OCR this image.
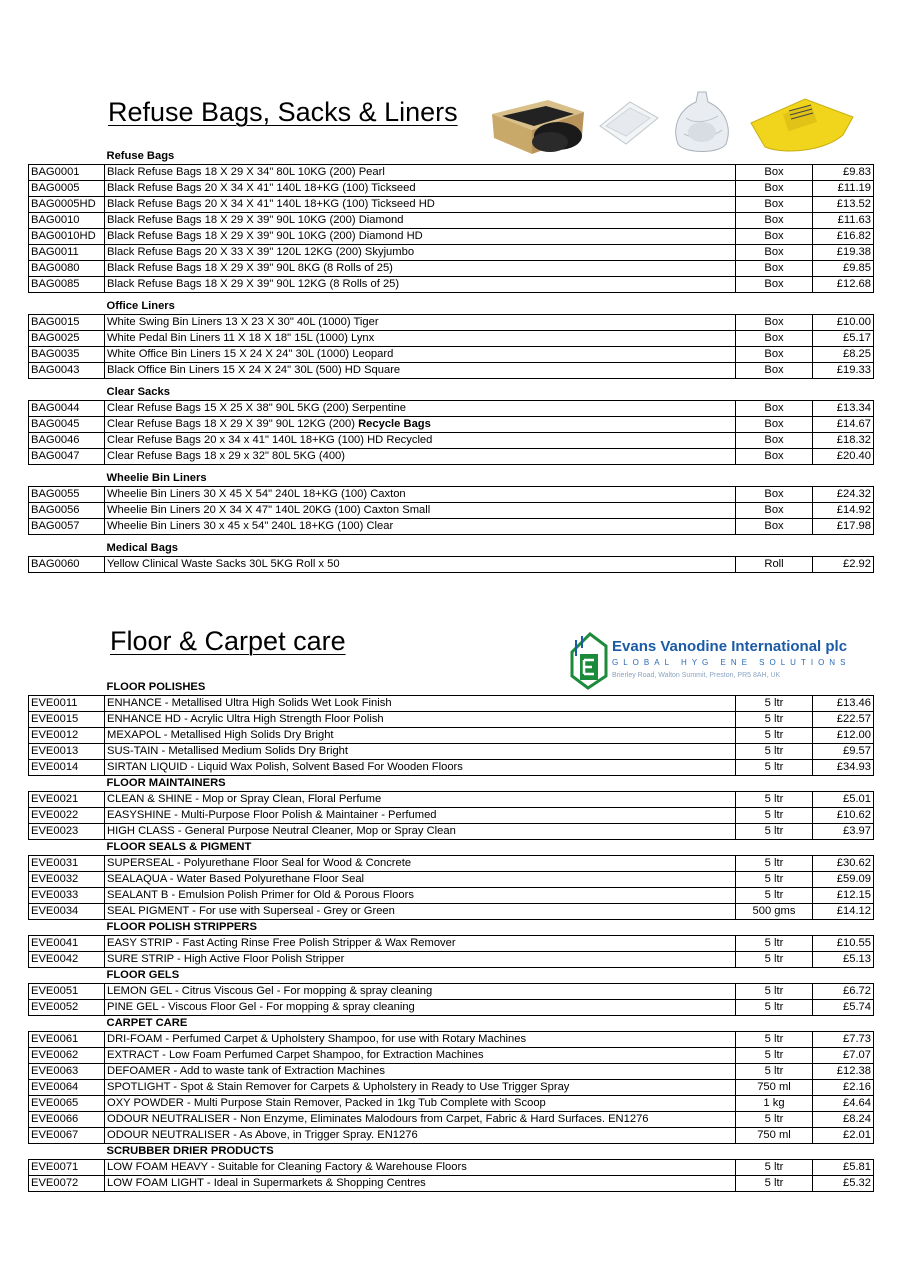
Refuse Bags, Sacks & Liners
	Refuse Bags		
BAG0001	Black Refuse Bags 18 X 29 X 34" 80L 10KG (200) Pearl	Box	£9.83
BAG0005	Black Refuse Bags 20 X 34 X 41" 140L 18+KG (100) Tickseed	Box	£11.19
BAG0005HD	Black Refuse Bags 20 X 34 X 41" 140L 18+KG (100) Tickseed HD	Box	£13.52
BAG0010	Black Refuse Bags 18 X 29 X 39" 90L 10KG (200) Diamond	Box	£11.63
BAG0010HD	Black Refuse Bags 18 X 29 X 39" 90L 10KG (200) Diamond HD	Box	£16.82
BAG0011	Black Refuse Bags 20 X 33 X 39" 120L 12KG (200) Skyjumbo	Box	£19.38
BAG0080	Black Refuse Bags 18 X 29 X 39" 90L 8KG (8 Rolls of 25)	Box	£9.85
BAG0085	Black Refuse Bags 18 X 29 X 39" 90L 12KG (8 Rolls of 25)	Box	£12.68

	Office Liners		
BAG0015	White Swing Bin Liners 13 X 23 X 30" 40L (1000) Tiger	Box	£10.00
BAG0025	White Pedal Bin Liners 11 X 18 X 18" 15L (1000) Lynx	Box	£5.17
BAG0035	White Office Bin Liners 15 X 24 X 24" 30L (1000) Leopard	Box	£8.25
BAG0043	Black Office Bin Liners 15 X 24 X 24" 30L (500) HD Square	Box	£19.33

	Clear Sacks		
BAG0044	Clear Refuse Bags 15 X 25 X 38" 90L 5KG (200) Serpentine	Box	£13.34
BAG0045	Clear Refuse Bags 18 X 29 X 39" 90L 12KG (200) Recycle Bags	Box	£14.67
BAG0046	Clear Refuse Bags 20 x 34 x 41" 140L 18+KG (100) HD Recycled	Box	£18.32
BAG0047	Clear Refuse Bags 18 x 29 x 32" 80L 5KG (400)	Box	£20.40

	Wheelie Bin Liners		
BAG0055	Wheelie Bin Liners 30 X 45 X 54" 240L 18+KG (100) Caxton	Box	£24.32
BAG0056	Wheelie Bin Liners 20 X 34 X 47" 140L 20KG (100) Caxton Small	Box	£14.92
BAG0057	Wheelie Bin Liners 30 x 45 x 54" 240L 18+KG (100) Clear	Box	£17.98

	Medical Bags		
BAG0060	Yellow Clinical Waste Sacks 30L 5KG Roll x 50	Roll	£2.92
Floor & Carpet care	Evans Vanodine International plc
GLOBAL HYG ENE SOLUTIONS
Brierley Road, Walton Summit, Preston, PR5 8AH, UK
	FLOOR POLISHES		
EVE0011	ENHANCE - Metallised Ultra High Solids Wet Look Finish	5 ltr	£13.46
EVE0015	ENHANCE HD - Acrylic Ultra High Strength Floor Polish	5 ltr	£22.57
EVE0012	MEXAPOL - Metallised High Solids Dry Bright	5 ltr	£12.00
EVE0013	SUS-TAIN - Metallised Medium Solids Dry Bright	5 ltr	£9.57
EVE0014	SIRTAN LIQUID - Liquid Wax Polish, Solvent Based For Wooden Floors	5 ltr	£34.93
	FLOOR MAINTAINERS		
EVE0021	CLEAN & SHINE - Mop or Spray Clean, Floral Perfume	5 ltr	£5.01
EVE0022	EASYSHINE - Multi-Purpose Floor Polish & Maintainer - Perfumed	5 ltr	£10.62
EVE0023	HIGH CLASS - General Purpose Neutral Cleaner, Mop or Spray Clean	5 ltr	£3.97
	FLOOR SEALS & PIGMENT		
EVE0031	SUPERSEAL - Polyurethane Floor Seal for Wood & Concrete	5 ltr	£30.62
EVE0032	SEALAQUA - Water Based Polyurethane Floor Seal	5 ltr	£59.09
EVE0033	SEALANT B - Emulsion Polish Primer for Old & Porous Floors	5 ltr	£12.15
EVE0034	SEAL PIGMENT - For use with Superseal - Grey or Green	500 gms	£14.12
	FLOOR POLISH STRIPPERS		
EVE0041	EASY STRIP - Fast Acting Rinse Free Polish Stripper & Wax Remover	5 ltr	£10.55
EVE0042	SURE STRIP - High Active Floor Polish Stripper	5 ltr	£5.13
	FLOOR GELS		
EVE0051	LEMON GEL - Citrus Viscous Gel - For mopping & spray cleaning	5 ltr	£6.72
EVE0052	PINE GEL - Viscous Floor Gel - For mopping & spray cleaning	5 ltr	£5.74
	CARPET CARE		
EVE0061	DRI-FOAM - Perfumed Carpet & Upholstery Shampoo, for use with Rotary Machines	5 ltr	£7.73
EVE0062	EXTRACT - Low Foam Perfumed Carpet Shampoo, for Extraction Machines	5 ltr	£7.07
EVE0063	DEFOAMER - Add to waste tank of Extraction Machines	5 ltr	£12.38
EVE0064	SPOTLIGHT - Spot & Stain Remover for Carpets & Upholstery in Ready to Use Trigger Spray	750 ml	£2.16
EVE0065	OXY POWDER - Multi Purpose Stain Remover, Packed in 1kg Tub Complete with Scoop	1 kg	£4.64
EVE0066	ODOUR NEUTRALISER - Non Enzyme, Eliminates Malodours from Carpet, Fabric & Hard Surfaces. EN1276	5 ltr	£8.24
EVE0067	ODOUR NEUTRALISER - As Above, in Trigger Spray. EN1276	750 ml	£2.01
	SCRUBBER DRIER PRODUCTS		
EVE0071	LOW FOAM HEAVY - Suitable for Cleaning Factory & Warehouse Floors	5 ltr	£5.81
EVE0072	LOW FOAM LIGHT - Ideal in Supermarkets & Shopping Centres	5 ltr	£5.32
